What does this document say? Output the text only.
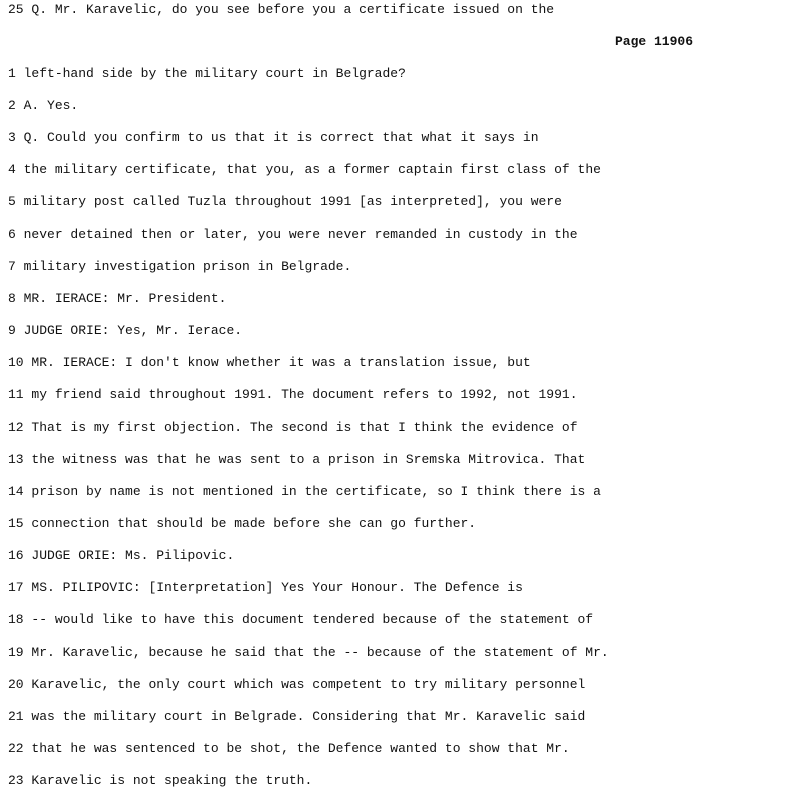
25 Q. Mr. Karavelic, do you see before you a certificate issued on the
Page 11906
1 left-hand side by the military court in Belgrade?
2 A. Yes.
3 Q. Could you confirm to us that it is correct that what it says in
4 the military certificate, that you, as a former captain first class of the
5 military post called Tuzla throughout 1991 [as interpreted], you were
6 never detained then or later, you were never remanded in custody in the
7 military investigation prison in Belgrade.
8 MR. IERACE: Mr. President.
9 JUDGE ORIE: Yes, Mr. Ierace.
10 MR. IERACE: I don't know whether it was a translation issue, but
11 my friend said throughout 1991. The document refers to 1992, not 1991.
12 That is my first objection. The second is that I think the evidence of
13 the witness was that he was sent to a prison in Sremska Mitrovica. That
14 prison by name is not mentioned in the certificate, so I think there is a
15 connection that should be made before she can go further.
16 JUDGE ORIE: Ms. Pilipovic.
17 MS. PILIPOVIC: [Interpretation] Yes Your Honour. The Defence is
18 -- would like to have this document tendered because of the statement of
19 Mr. Karavelic, because he said that the -- because of the statement of Mr.
20 Karavelic, the only court which was competent to try military personnel
21 was the military court in Belgrade. Considering that Mr. Karavelic said
22 that he was sentenced to be shot, the Defence wanted to show that Mr.
23 Karavelic is not speaking the truth.
